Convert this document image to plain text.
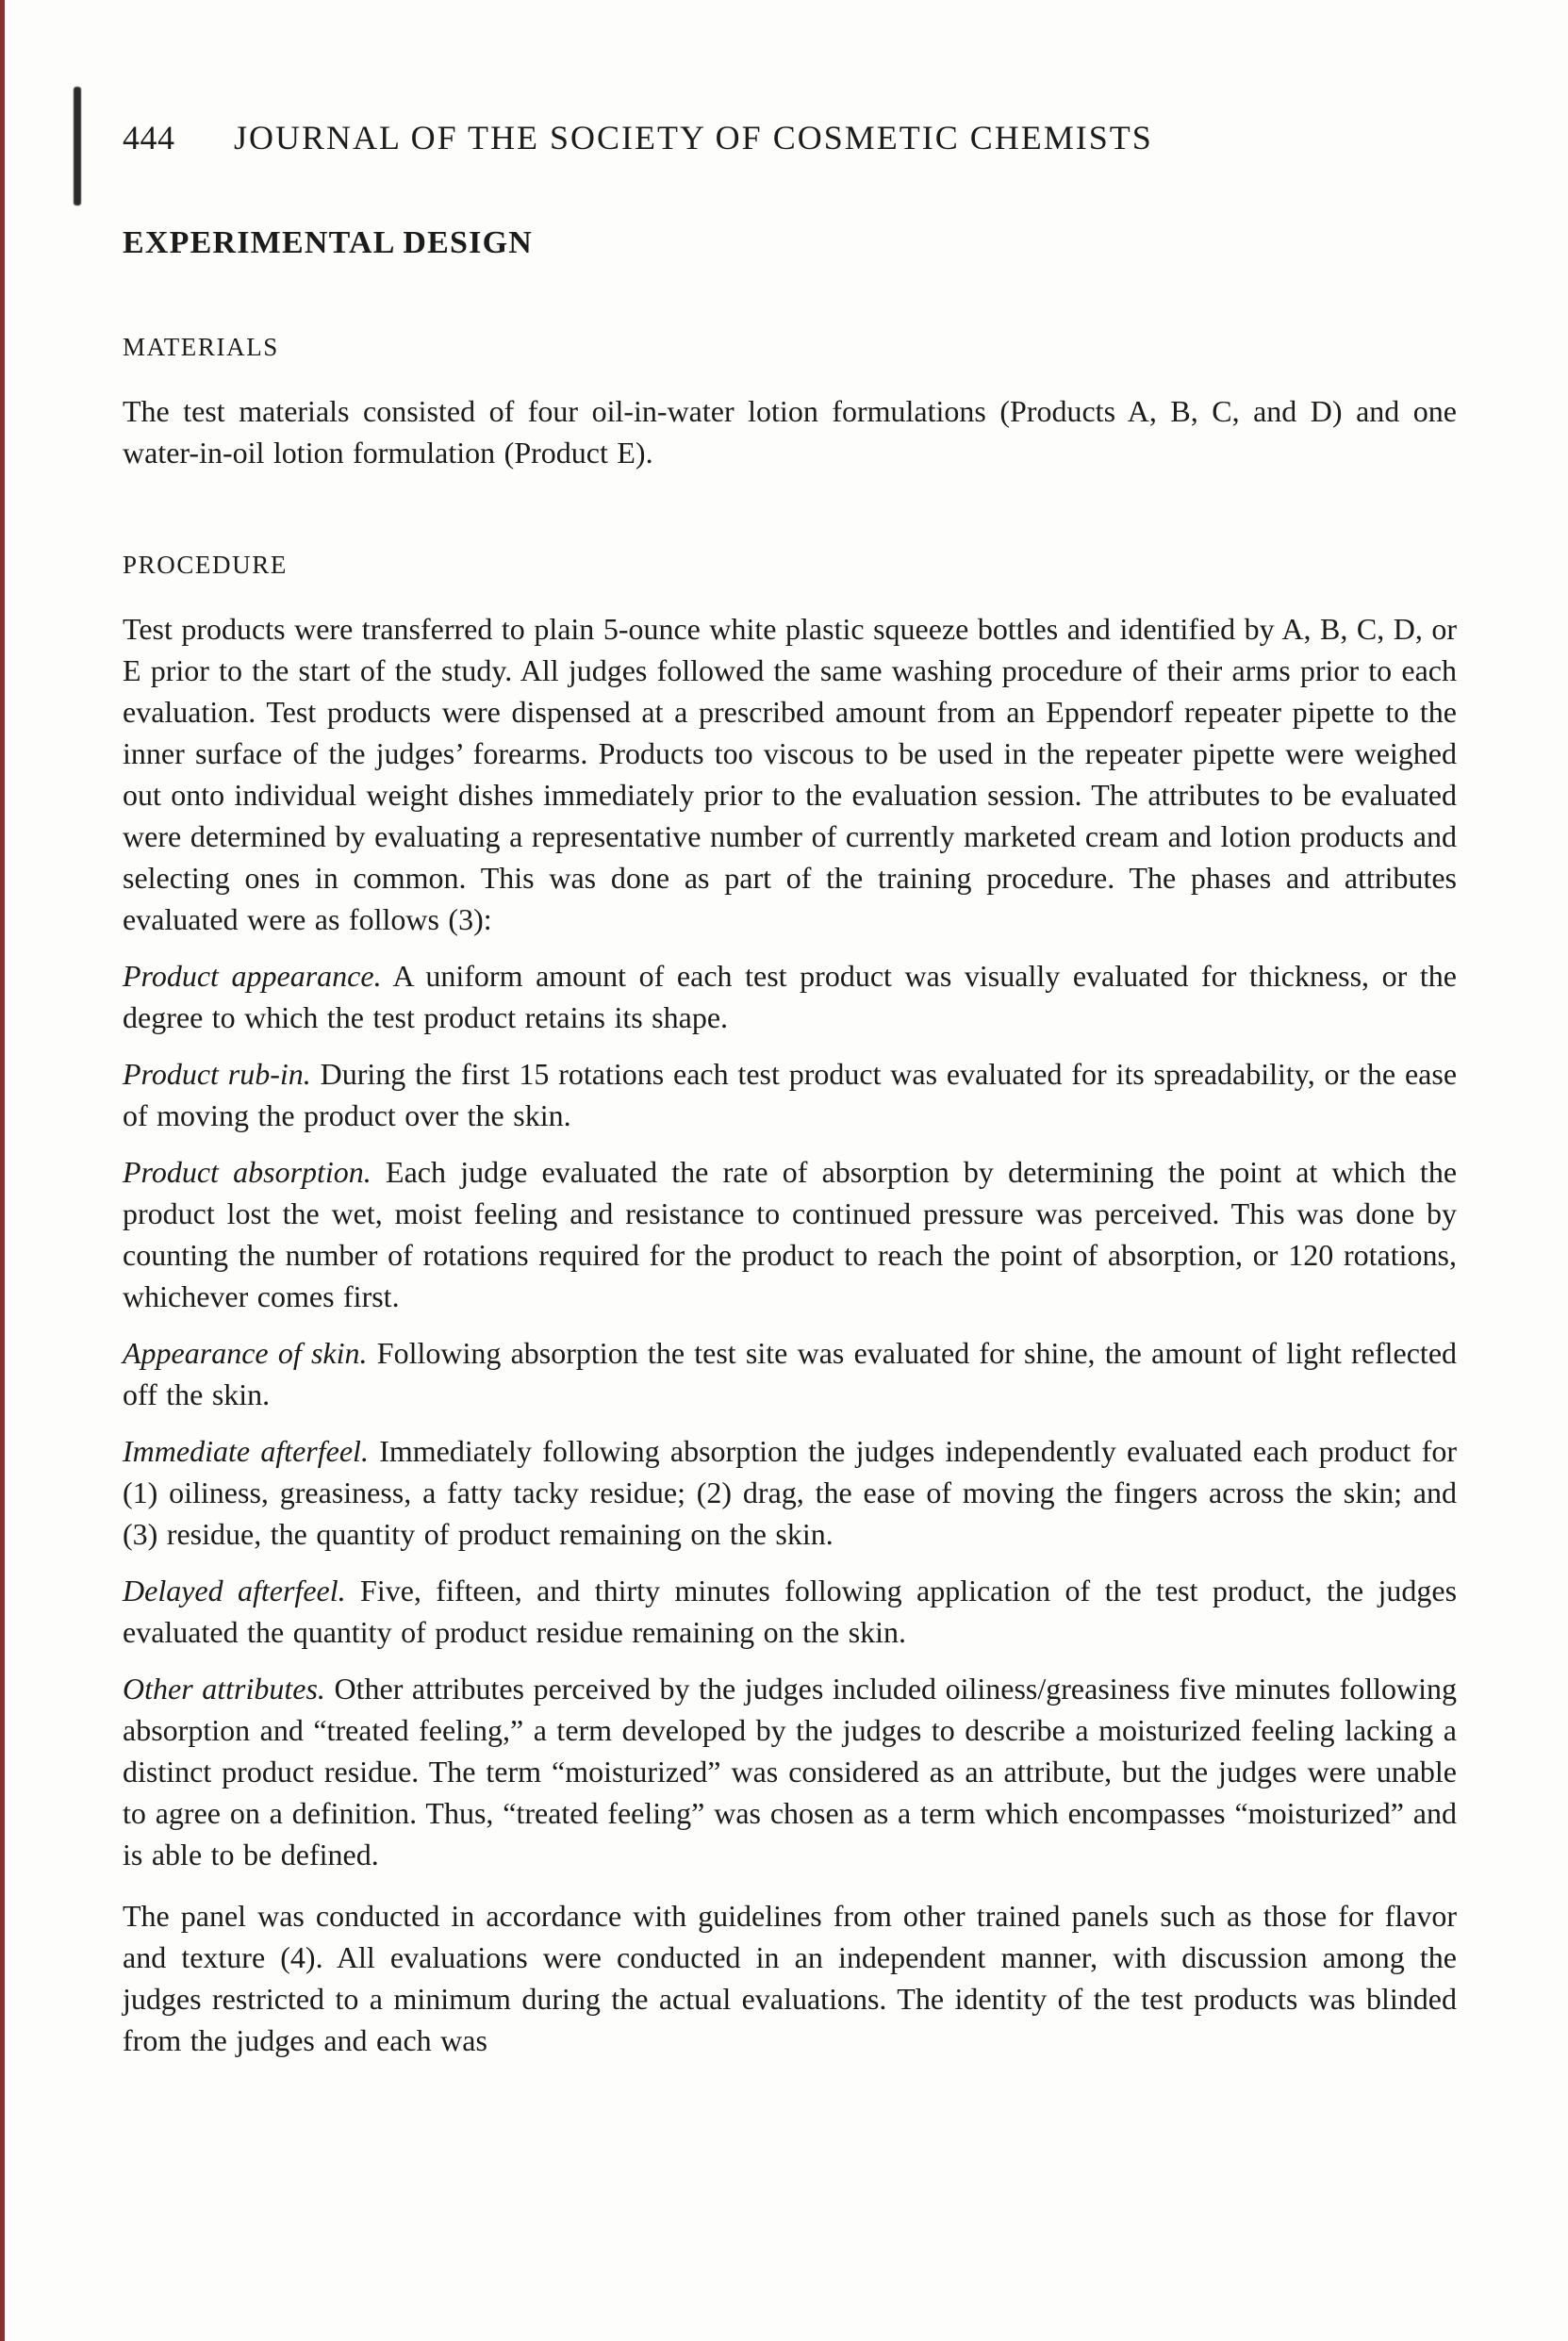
444	JOURNAL OF THE SOCIETY OF COSMETIC CHEMISTS
EXPERIMENTAL DESIGN
MATERIALS

The test materials consisted of four oil-in-water lotion formulations (Products A, B, C, and D) and one water-in-oil lotion formulation (Product E).

PROCEDURE

Test products were transferred to plain 5-ounce white plastic squeeze bottles and identified by A, B, C, D, or E prior to the start of the study. All judges followed the same washing procedure of their arms prior to each evaluation. Test products were dispensed at a prescribed amount from an Eppendorf repeater pipette to the inner surface of the judges’ forearms. Products too viscous to be used in the repeater pipette were weighed out onto individual weight dishes immediately prior to the evaluation session. The attributes to be evaluated were determined by evaluating a representative number of currently marketed cream and lotion products and selecting ones in common. This was done as part of the training procedure. The phases and attributes evaluated were as follows (3):

Product appearance. A uniform amount of each test product was visually evaluated for thickness, or the degree to which the test product retains its shape.

Product rub-in. During the first 15 rotations each test product was evaluated for its spreadability, or the ease of moving the product over the skin.

Product absorption. Each judge evaluated the rate of absorption by determining the point at which the product lost the wet, moist feeling and resistance to continued pressure was perceived. This was done by counting the number of rotations required for the product to reach the point of absorption, or 120 rotations, whichever comes first.

Appearance of skin. Following absorption the test site was evaluated for shine, the amount of light reflected off the skin.

Immediate afterfeel. Immediately following absorption the judges independently evaluated each product for (1) oiliness, greasiness, a fatty tacky residue; (2) drag, the ease of moving the fingers across the skin; and (3) residue, the quantity of product remaining on the skin.

Delayed afterfeel. Five, fifteen, and thirty minutes following application of the test product, the judges evaluated the quantity of product residue remaining on the skin.

Other attributes. Other attributes perceived by the judges included oiliness/greasiness five minutes following absorption and “treated feeling,” a term developed by the judges to describe a moisturized feeling lacking a distinct product residue. The term “moisturized” was considered as an attribute, but the judges were unable to agree on a definition. Thus, “treated feeling” was chosen as a term which encompasses “moisturized” and is able to be defined.

The panel was conducted in accordance with guidelines from other trained panels such as those for flavor and texture (4). All evaluations were conducted in an independent manner, with discussion among the judges restricted to a minimum during the actual evaluations. The identity of the test products was blinded from the judges and each was
